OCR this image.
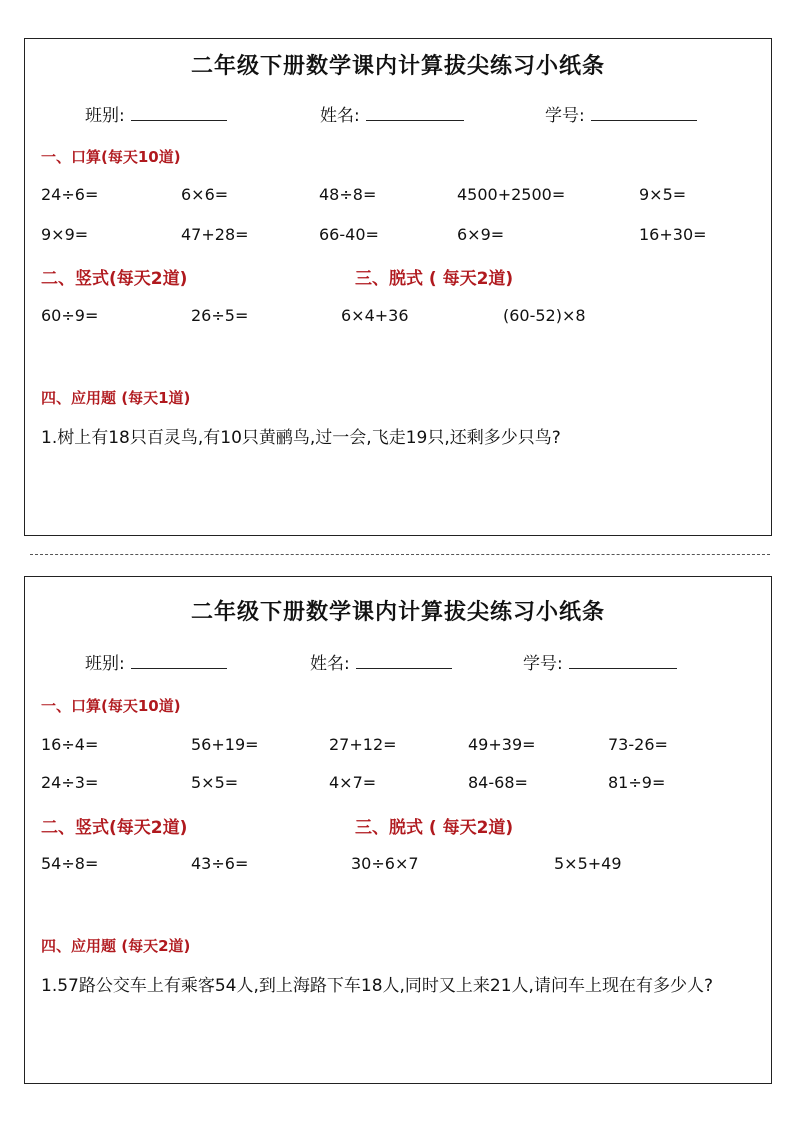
二年级下册数学课内计算拔尖练习小纸条
班别:	姓名:	学号:
一、口算(每天10道)
24÷6=	6×6=	48÷8=	4500+2500=	9×5=
9×9=	47+28=	66-40=	6×9=	16+30=
二、竖式(每天2道)	三、脱式 ( 每天2道)
60÷9=	26÷5=	6×4+36	(60-52)×8
四、应用题 (每天1道)
1.树上有18只百灵鸟,有10只黄鹂鸟,过一会,飞走19只,还剩多少只鸟?
二年级下册数学课内计算拔尖练习小纸条
班别:	姓名:	学号:
一、口算(每天10道)
16÷4=	56+19=	27+12=	49+39=	73-26=
24÷3=	5×5=	4×7=	84-68=	81÷9=
二、竖式(每天2道)	三、脱式 ( 每天2道)
54÷8=	43÷6=	30÷6×7	5×5+49
四、应用题 (每天2道)
1.57路公交车上有乘客54人,到上海路下车18人,同时又上来21人,请问车上现在有多少人?
